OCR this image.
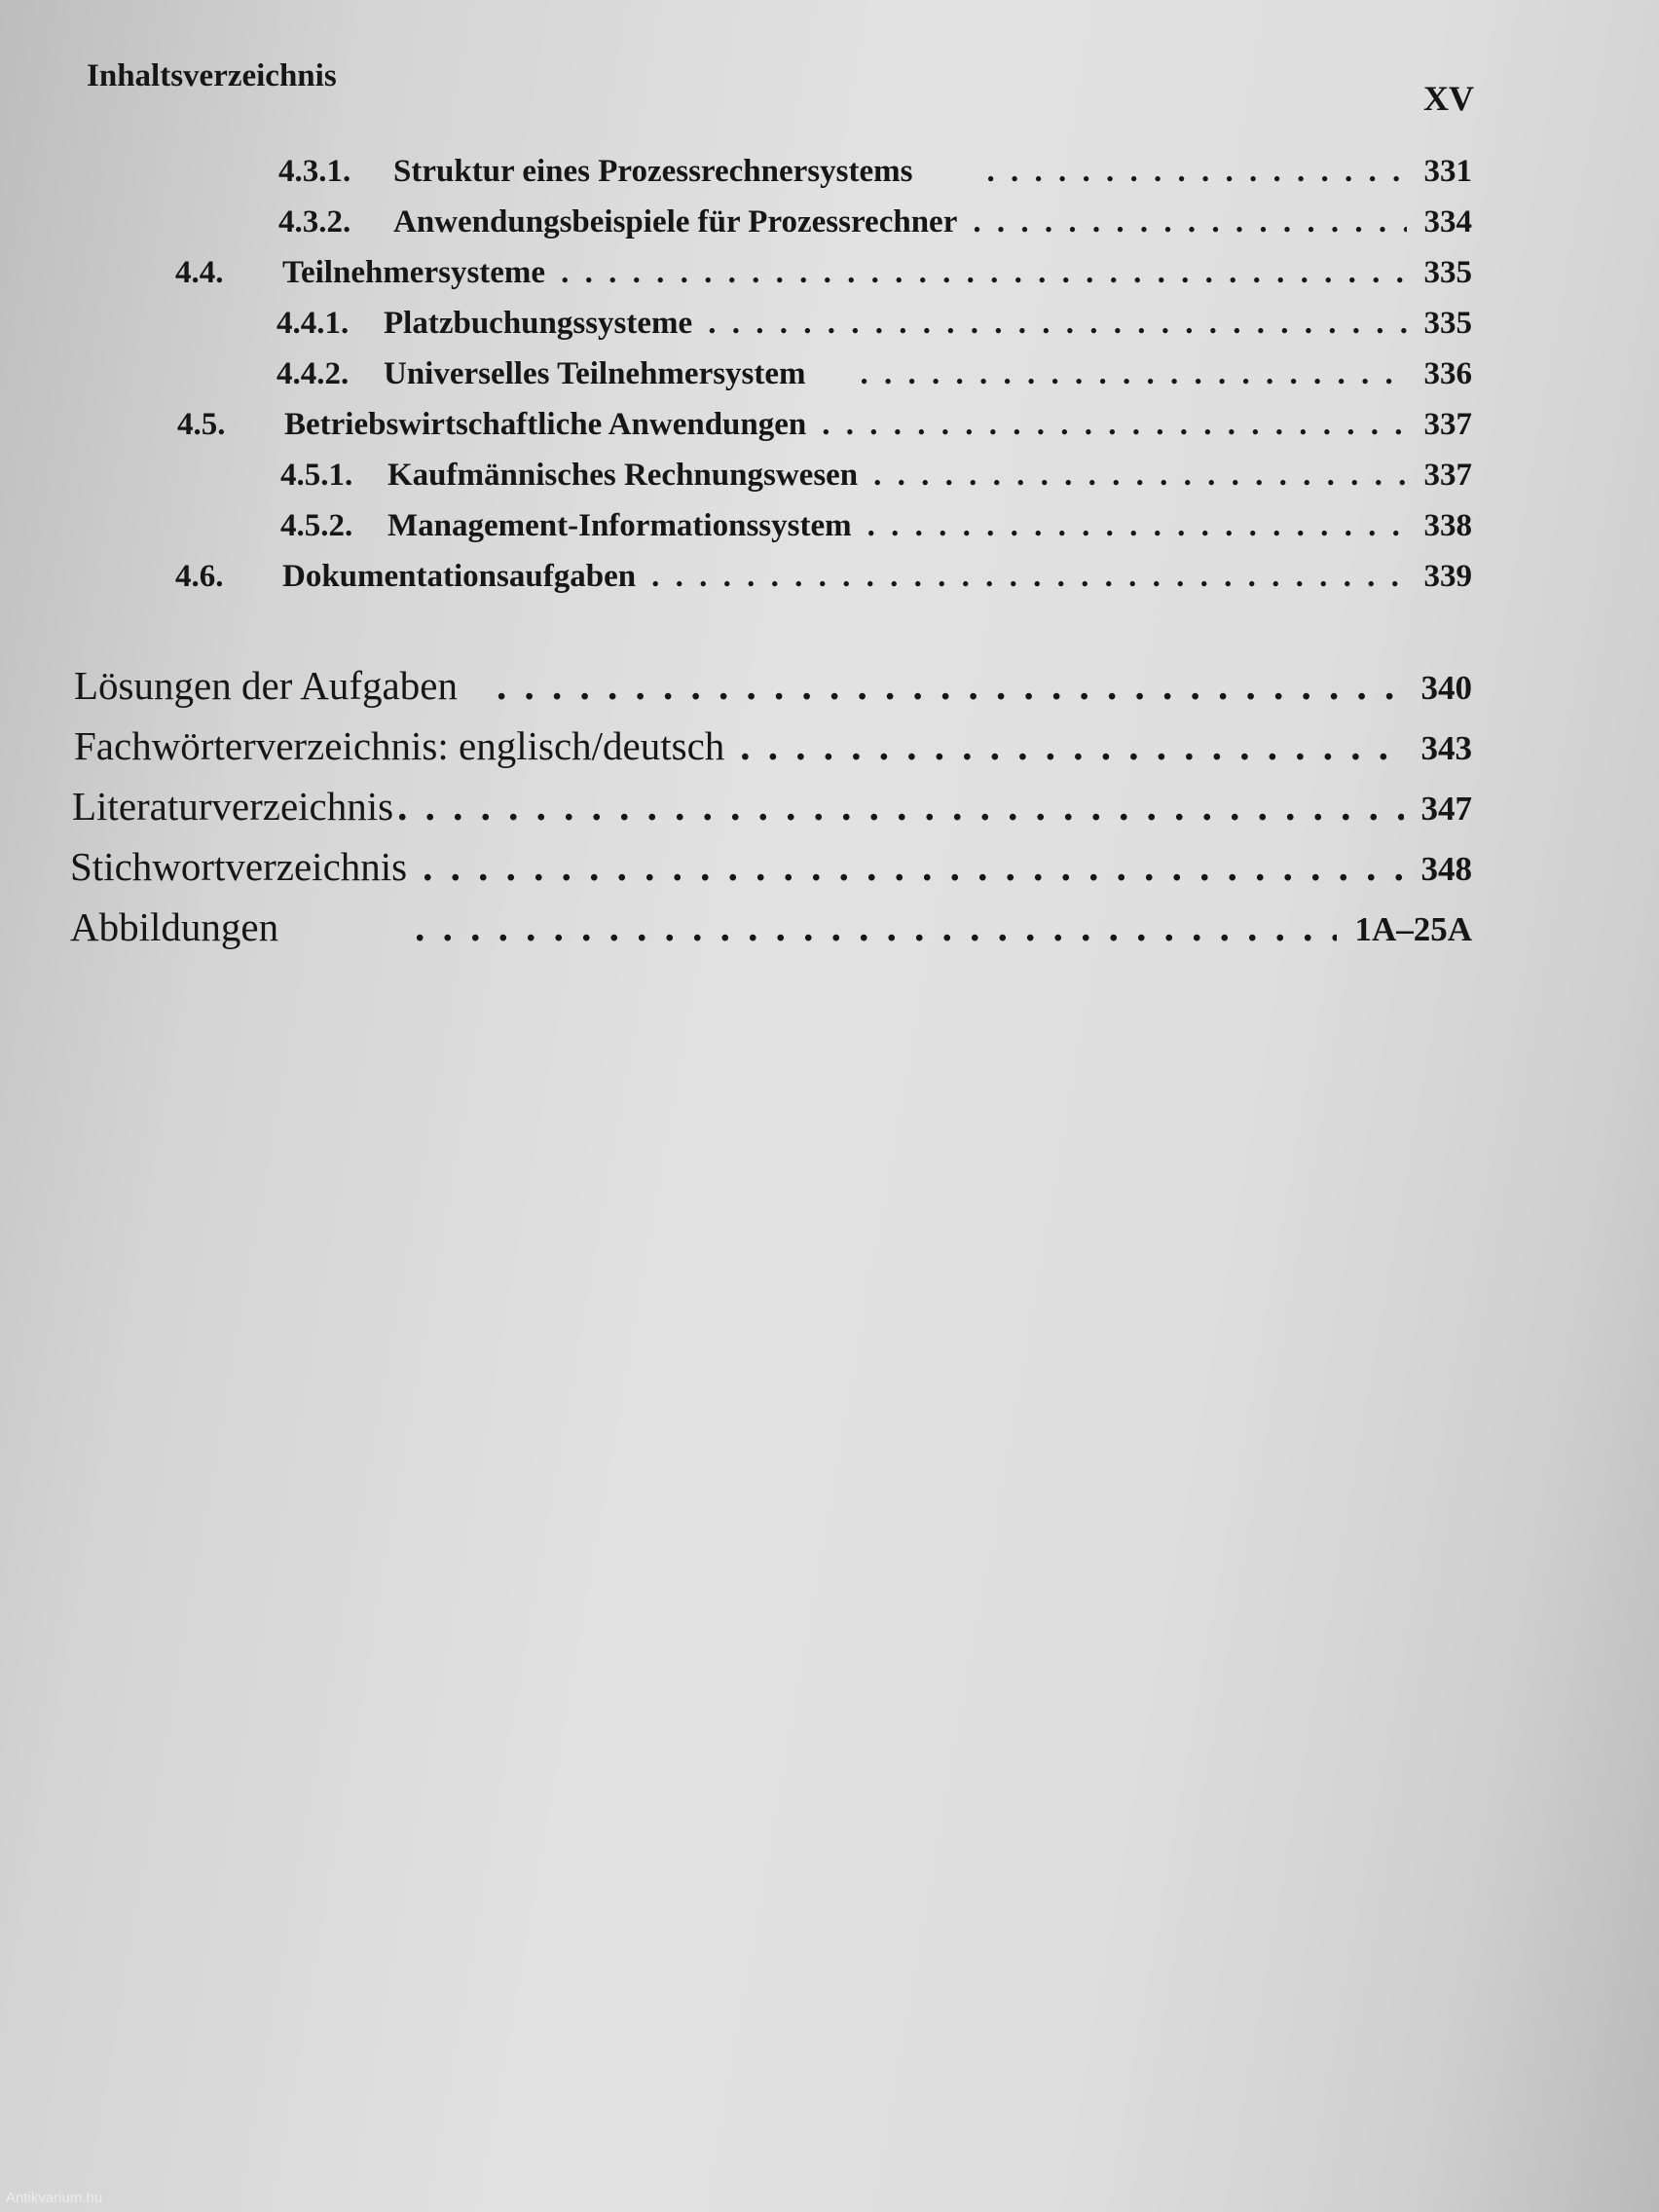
Inhaltsverzeichnis
XV
4.3.1.	Struktur eines Prozessrechnersystems . . .	331
4.3.2.	Anwendungsbeispiele für Prozessrechner . . .	334
4.4.	Teilnehmersysteme . . .	335
4.4.1.	Platzbuchungssysteme . . .	335
4.4.2.	Universelles Teilnehmersystem . . .	336
4.5.	Betriebswirtschaftliche Anwendungen . . .	337
4.5.1.	Kaufmännisches Rechnungswesen . . .	337
4.5.2.	Management-Informationssystem . . .	338
4.6.	Dokumentationsaufgaben . . .	339
Lösungen der Aufgaben . . .	340
Fachwörterverzeichnis: englisch/deutsch . . .	343
Literaturverzeichnis . . .	347
Stichwortverzeichnis . . .	348
Abbildungen . . .	1A–25A
Antikvarium.hu
